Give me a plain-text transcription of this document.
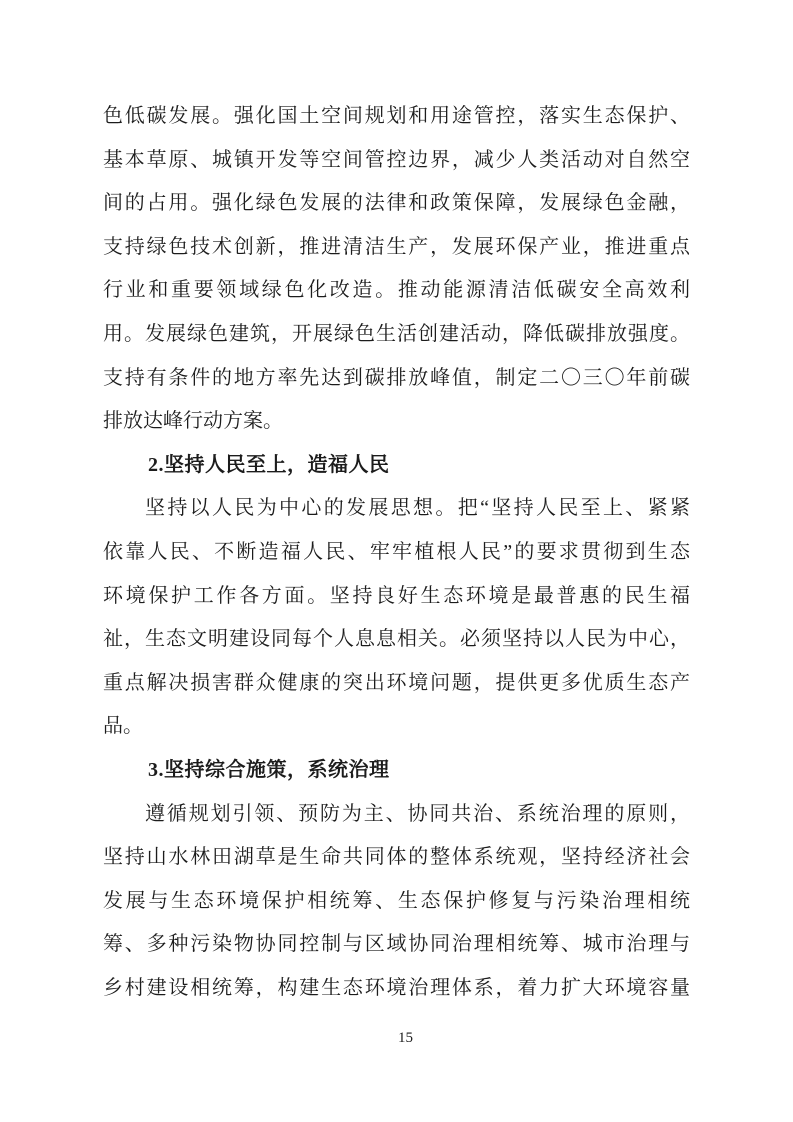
色低碳发展。强化国土空间规划和用途管控，落实生态保护、
基本草原、城镇开发等空间管控边界，减少人类活动对自然空
间的占用。强化绿色发展的法律和政策保障，发展绿色金融，
支持绿色技术创新，推进清洁生产，发展环保产业，推进重点
行业和重要领域绿色化改造。推动能源清洁低碳安全高效利
用。发展绿色建筑，开展绿色生活创建活动，降低碳排放强度。
支持有条件的地方率先达到碳排放峰值，制定二〇三〇年前碳
排放达峰行动方案。
2.坚持人民至上，造福人民
坚持以人民为中心的发展思想。把“坚持人民至上、紧紧
依靠人民、不断造福人民、牢牢植根人民”的要求贯彻到生态
环境保护工作各方面。坚持良好生态环境是最普惠的民生福
祉，生态文明建设同每个人息息相关。必须坚持以人民为中心，
重点解决损害群众健康的突出环境问题，提供更多优质生态产
品。
3.坚持综合施策，系统治理
遵循规划引领、预防为主、协同共治、系统治理的原则，
坚持山水林田湖草是生命共同体的整体系统观，坚持经济社会
发展与生态环境保护相统筹、生态保护修复与污染治理相统
筹、多种污染物协同控制与区域协同治理相统筹、城市治理与
乡村建设相统筹，构建生态环境治理体系，着力扩大环境容量
15
